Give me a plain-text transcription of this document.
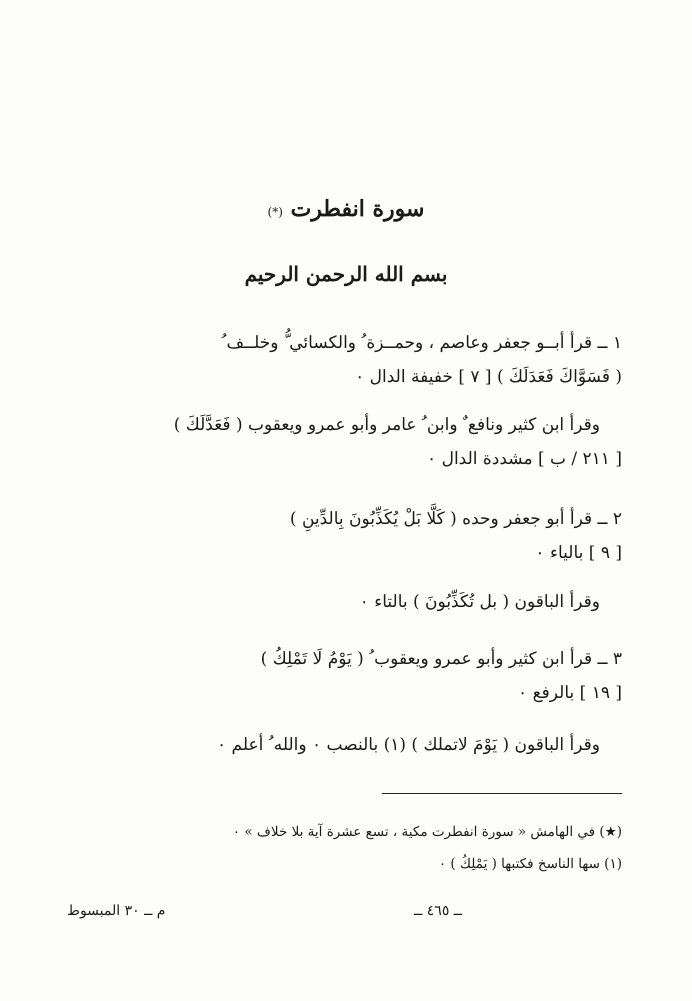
سورة انفطرت (*)
بسم الله الرحمن الرحيم
١ ــ قرأ أبــو جعفر وعاصم ، وحمــزة ُ والكسائي ُّ وخلــف ُ
( فَسَوَّاكَ فَعَدَلَكَ ) [ ٧ ] خفيفة الدال ٠
وقرأ ابن كثير ونافع ٌ وابن ُ عامر وأبو عمرو ويعقوب ( فَعَدَّلَكَ )
[ ٢١١ / ب ] مشددة الدال ٠
٢ ــ قرأ أبو جعفر وحده ( كَلَّا بَلْ يُكَذِّبُونَ بِالدِّينِ )
[ ٩ ] بالياء ٠
وقرأ الباقون ( بل تُكَذِّبُونَ ) بالتاء ٠
٣ ــ قرأ ابن كثير وأبو عمرو ويعقوب ُ ( يَوْمُ لَا تَمْلِكُ )
[ ١٩ ] بالرفع ٠
وقرأ الباقون ( يَوْمَ لاتملك ) (١) بالنصب ٠ والله ُ أعلم ٠
(★) في الهامش « سورة انفطرت مكية ، تسع عشرة آية بلا خلاف » ٠
(١) سها الناسخ فكتبها ( يَمْلِكُ ) ٠
ــ ٤٦٥ ــ
م ــ ٣٠ المبسوط
